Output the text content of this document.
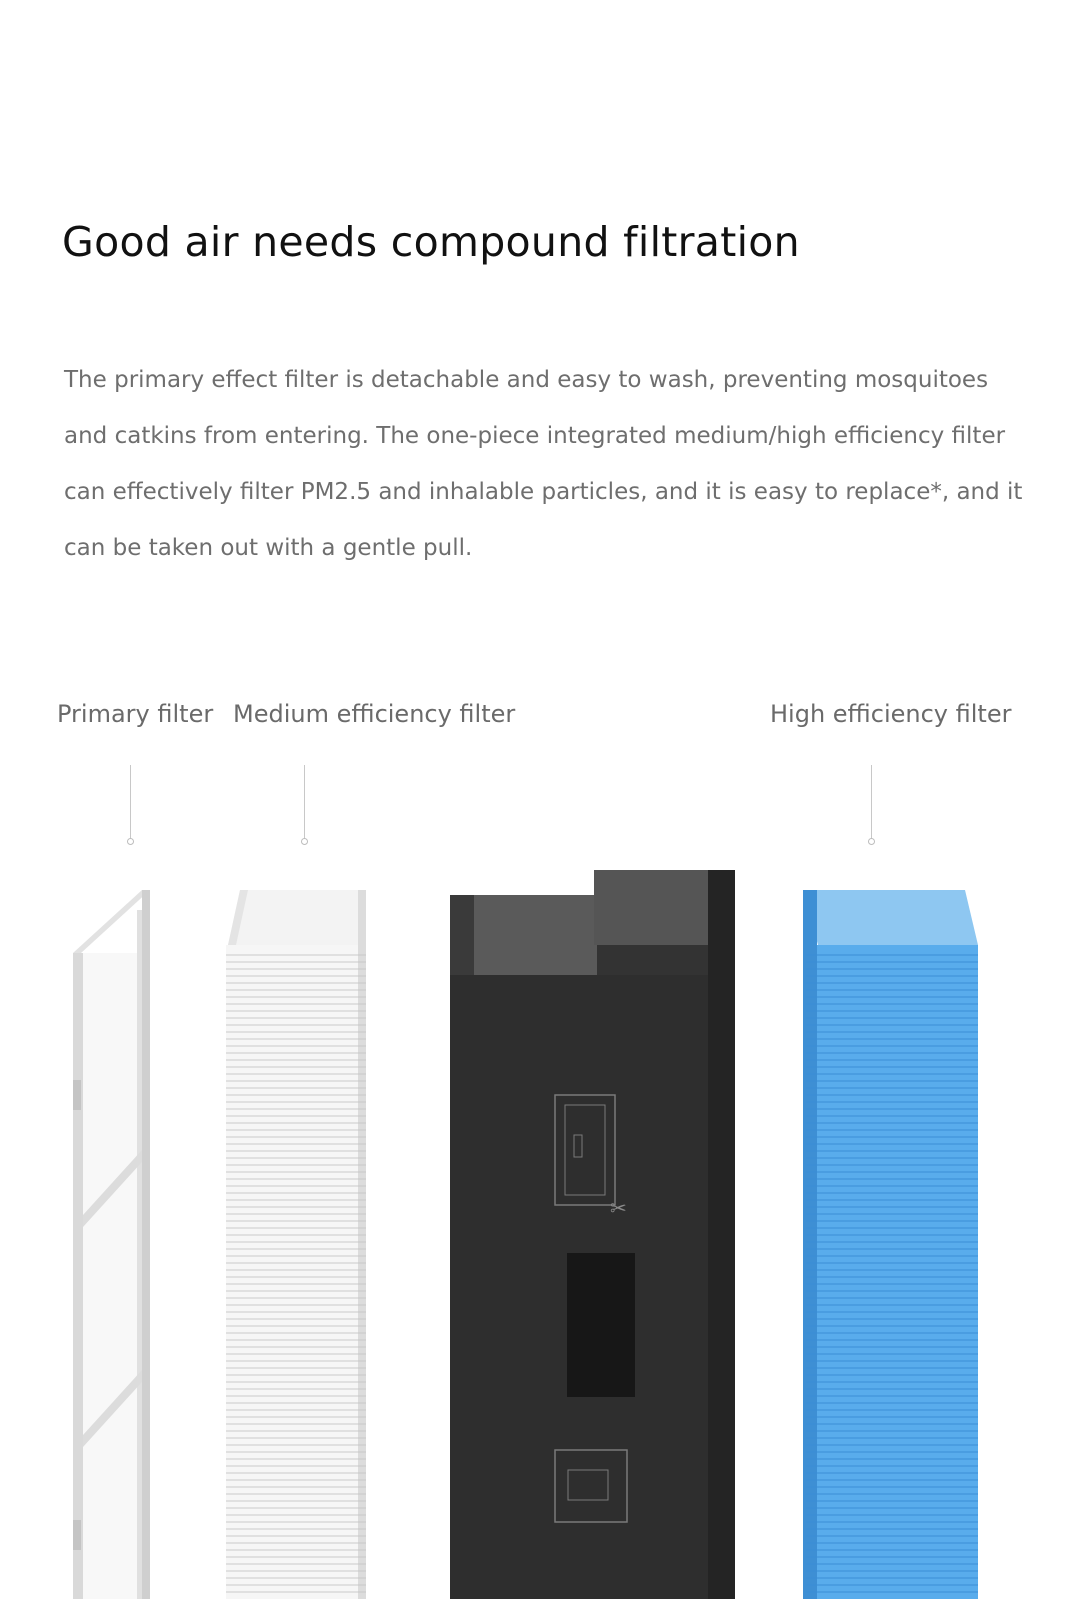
Good air needs compound filtration

The primary effect filter is detachable and easy to wash, preventing mosquitoes and catkins from entering. The one-piece integrated medium/high efficiency filter can effectively filter PM2.5 and inhalable particles, and it is easy to replace*, and it can be taken out with a gentle pull.

Primary filter Medium efficiency filter	High efficiency filter
✂
